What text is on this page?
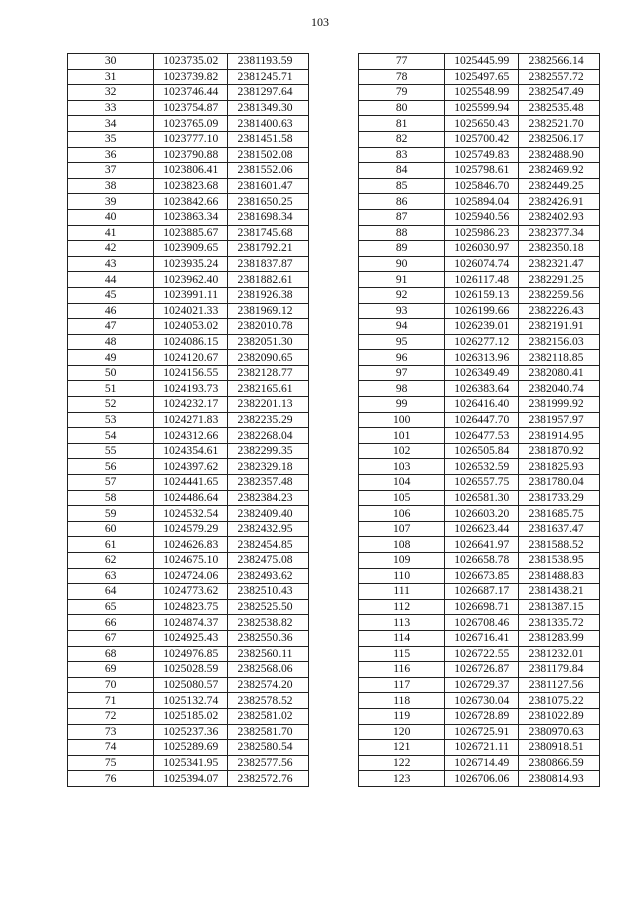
103
30	1023735.02	2381193.59
31	1023739.82	2381245.71
32	1023746.44	2381297.64
33	1023754.87	2381349.30
34	1023765.09	2381400.63
35	1023777.10	2381451.58
36	1023790.88	2381502.08
37	1023806.41	2381552.06
38	1023823.68	2381601.47
39	1023842.66	2381650.25
40	1023863.34	2381698.34
41	1023885.67	2381745.68
42	1023909.65	2381792.21
43	1023935.24	2381837.87
44	1023962.40	2381882.61
45	1023991.11	2381926.38
46	1024021.33	2381969.12
47	1024053.02	2382010.78
48	1024086.15	2382051.30
49	1024120.67	2382090.65
50	1024156.55	2382128.77
51	1024193.73	2382165.61
52	1024232.17	2382201.13
53	1024271.83	2382235.29
54	1024312.66	2382268.04
55	1024354.61	2382299.35
56	1024397.62	2382329.18
57	1024441.65	2382357.48
58	1024486.64	2382384.23
59	1024532.54	2382409.40
60	1024579.29	2382432.95
61	1024626.83	2382454.85
62	1024675.10	2382475.08
63	1024724.06	2382493.62
64	1024773.62	2382510.43
65	1024823.75	2382525.50
66	1024874.37	2382538.82
67	1024925.43	2382550.36
68	1024976.85	2382560.11
69	1025028.59	2382568.06
70	1025080.57	2382574.20
71	1025132.74	2382578.52
72	1025185.02	2382581.02
73	1025237.36	2382581.70
74	1025289.69	2382580.54
75	1025341.95	2382577.56
76	1025394.07	2382572.76
77	1025445.99	2382566.14
78	1025497.65	2382557.72
79	1025548.99	2382547.49
80	1025599.94	2382535.48
81	1025650.43	2382521.70
82	1025700.42	2382506.17
83	1025749.83	2382488.90
84	1025798.61	2382469.92
85	1025846.70	2382449.25
86	1025894.04	2382426.91
87	1025940.56	2382402.93
88	1025986.23	2382377.34
89	1026030.97	2382350.18
90	1026074.74	2382321.47
91	1026117.48	2382291.25
92	1026159.13	2382259.56
93	1026199.66	2382226.43
94	1026239.01	2382191.91
95	1026277.12	2382156.03
96	1026313.96	2382118.85
97	1026349.49	2382080.41
98	1026383.64	2382040.74
99	1026416.40	2381999.92
100	1026447.70	2381957.97
101	1026477.53	2381914.95
102	1026505.84	2381870.92
103	1026532.59	2381825.93
104	1026557.75	2381780.04
105	1026581.30	2381733.29
106	1026603.20	2381685.75
107	1026623.44	2381637.47
108	1026641.97	2381588.52
109	1026658.78	2381538.95
110	1026673.85	2381488.83
111	1026687.17	2381438.21
112	1026698.71	2381387.15
113	1026708.46	2381335.72
114	1026716.41	2381283.99
115	1026722.55	2381232.01
116	1026726.87	2381179.84
117	1026729.37	2381127.56
118	1026730.04	2381075.22
119	1026728.89	2381022.89
120	1026725.91	2380970.63
121	1026721.11	2380918.51
122	1026714.49	2380866.59
123	1026706.06	2380814.93
